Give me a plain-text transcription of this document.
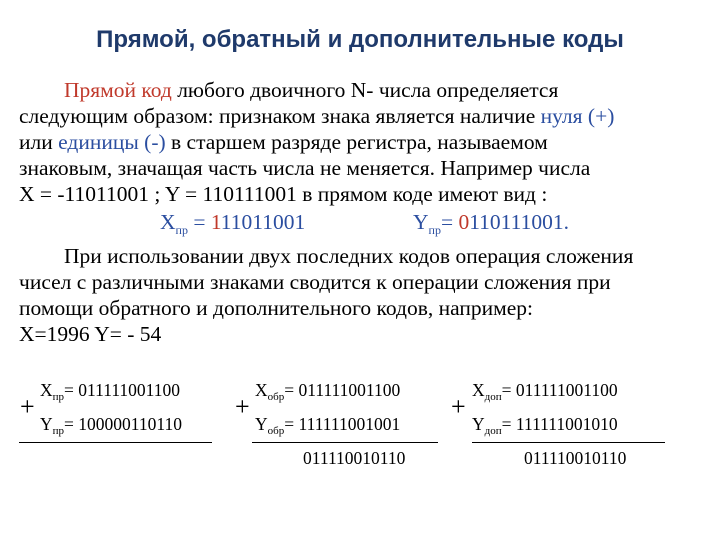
Прямой, обратный и дополнительные коды
Прямой код любого двоичного N- числа определяется
следующим образом: признаком знака является наличие нуля (+)
или единицы (-) в старшем разряде регистра, называемом
знаковым, значащая часть числа не меняется. Например числа
X = -11011001 ; Y = 110111001 в прямом коде имеют вид :
$X_{пр} = 111011001$	$Y_{пр}= 0110111001$.
При использовании двух последних кодов операция сложения
чисел с различными знаками сводится к операции сложения при
помощи обратного и дополнительного кодов, например:
X=1996 Y= - 54
+
$X_{пр}= 011111001100$
$Y_{пр}= 100000110110$
+
$X_{обр}= 011111001100$
$Y_{обр}= 111111001001$
011110010110
+
$X_{доп}= 011111001100$
$Y_{доп}= 111111001010$
011110010110
